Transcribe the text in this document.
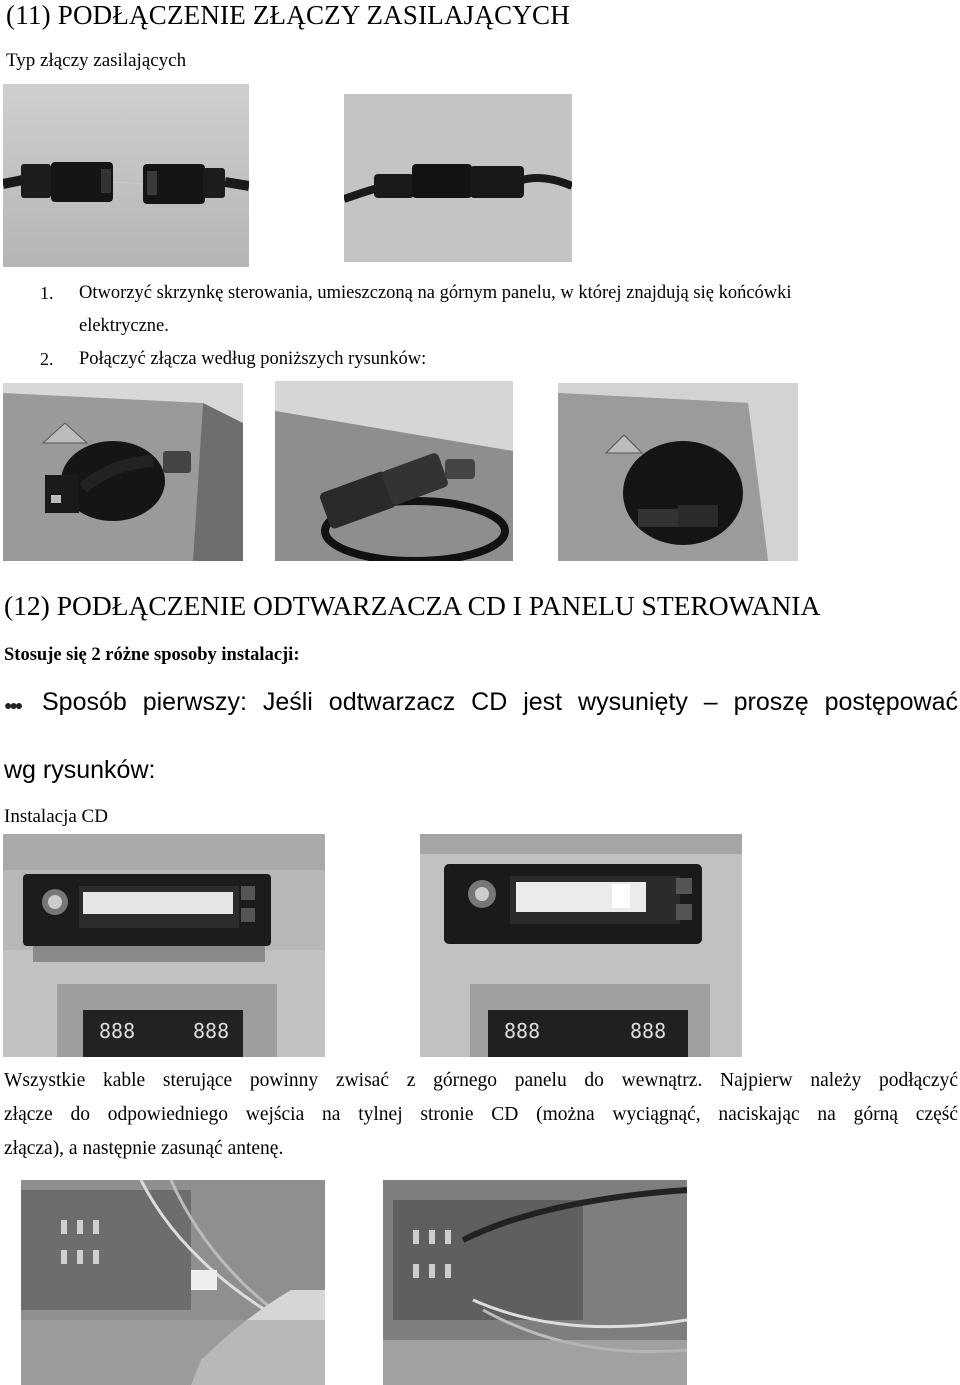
(11) PODŁĄCZENIE ZŁĄCZY ZASILAJĄCYCH
Typ złączy zasilających
1. Otworzyć skrzynkę sterowania, umieszczoną na górnym panelu, w której znajdują się końcówki
elektryczne.
2. Połączyć złącza według poniższych rysunków:
(12) PODŁĄCZENIE ODTWARZACZA CD I PANELU STEROWANIA
Stosuje się 2 różne sposoby instalacji:
●●● Sposób pierwszy: Jeśli odtwarzacz CD jest wysunięty – proszę postępować
wg rysunków:
Instalacja CD
888	888	888	888
Wszystkie kable sterujące powinny zwisać z górnego panelu do wewnątrz. Najpierw należy podłączyć
złącze do odpowiedniego wejścia na tylnej stronie CD (można wyciągnąć, naciskając na górną część
złącza), a następnie zasunąć antenę.
